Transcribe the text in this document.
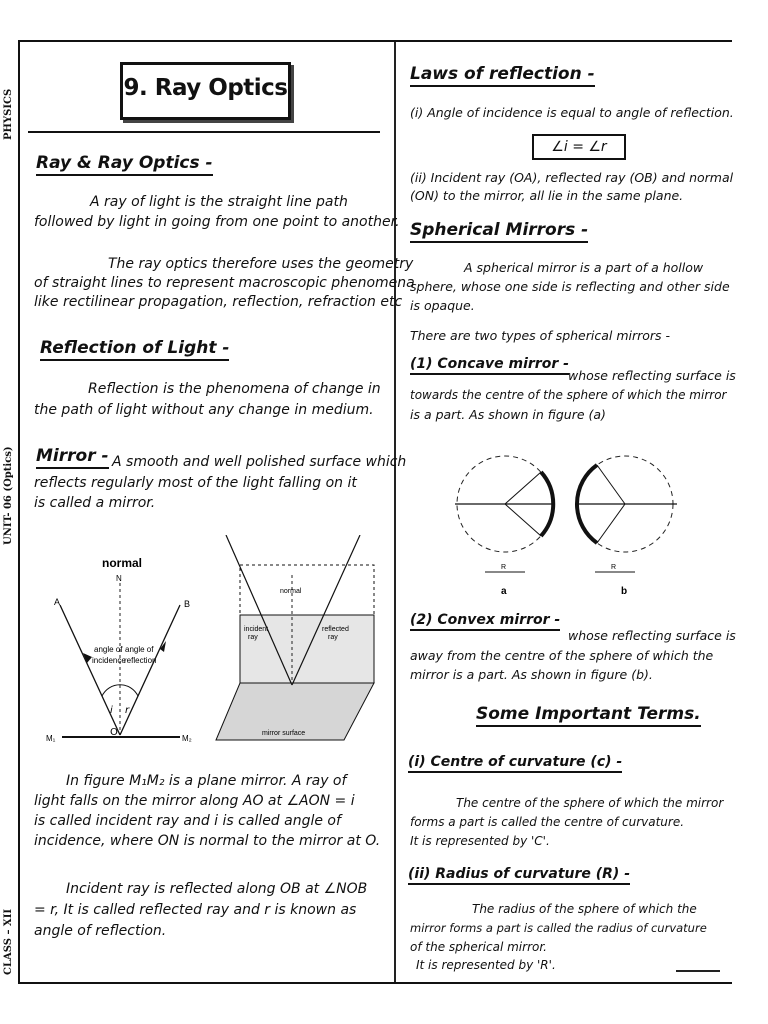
PHYSICS
UNIT- 06 (Optics)
CLASS – XII
9. Ray Optics
Ray & Ray Optics -
A ray of light is the straight line path
followed by light in going from one point to another.
The ray optics therefore uses the geometry
of straight lines to represent macroscopic phenomena
like rectilinear propagation, reflection, refraction etc
Reflection of Light -
Reflection is the phenomena of change in
the path of light without any change in medium.
Mirror - A smooth and well polished surface which
reflects regularly most of the light falling on it
is called a mirror.
normal
N
A	B
angle of
incidence
angle of
reflection
i r
O
M₁	M₂
normal
incident
ray
reflected
ray
mirror surface
In figure M₁M₂ is a plane mirror. A ray of
light falls on the mirror along AO at ∠AON = i
is called incident ray and i is called angle of
incidence, where ON is normal to the mirror at O.
Incident ray is reflected along OB at ∠NOB
= r, It is called reflected ray and r is known as
angle of reflection.
Laws of reflection -
(i) Angle of incidence is equal to angle of reflection.
∠i = ∠r
(ii) Incident ray (OA), reflected ray (OB) and normal
(ON) to the mirror, all lie in the same plane.
Spherical Mirrors -
A spherical mirror is a part of a hollow
sphere, whose one side is reflecting and other side
is opaque.
There are two types of spherical mirrors -
(1) Concave mirror -
whose reflecting surface is
towards the centre of the sphere of which the mirror
is a part. As shown in figure (a)
R
a
R
b
(2) Convex mirror -
whose reflecting surface is
away from the centre of the sphere of which the
mirror is a part. As shown in figure (b).
Some Important Terms.
(i) Centre of curvature (c) -
The centre of the sphere of which the mirror
forms a part is called the centre of curvature.
It is represented by 'C'.
(ii) Radius of curvature (R) -
The radius of the sphere of which the
mirror forms a part is called the radius of curvature
of the spherical mirror.
It is represented by 'R'.
